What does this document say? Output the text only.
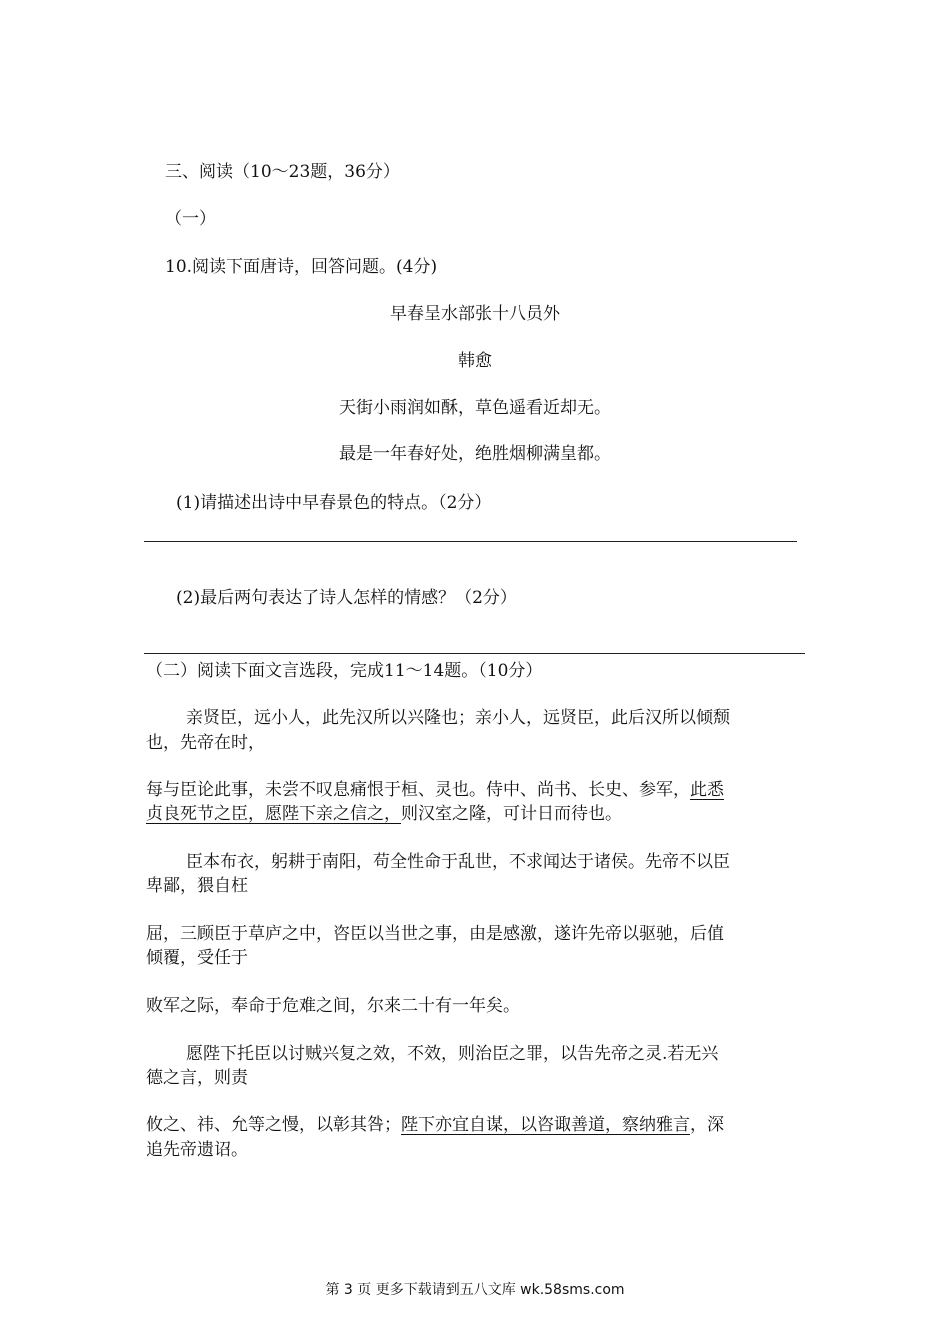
三、阅读（10～23题，36分）
（一）
10.阅读下面唐诗，回答问题。(4分)
早春呈水部张十八员外
韩愈
天街小雨润如酥，草色遥看近却无。
最是一年春好处，绝胜烟柳满皇都。
(1)请描述出诗中早春景色的特点。（2分）
(2)最后两句表达了诗人怎样的情感？（2分）
（二）阅读下面文言选段，完成11～14题。（10分）
亲贤臣，远小人，此先汉所以兴隆也；亲小人，远贤臣，此后汉所以倾颓
也，先帝在时，
每与臣论此事，未尝不叹息痛恨于桓、灵也。侍中、尚书、长史、参军，此悉
贞良死节之臣，愿陛下亲之信之，则汉室之隆，可计日而待也。
臣本布衣，躬耕于南阳，苟全性命于乱世，不求闻达于诸侯。先帝不以臣
卑鄙，猥自枉
屈，三顾臣于草庐之中，咨臣以当世之事，由是感激，遂许先帝以驱驰，后值
倾覆，受任于
败军之际，奉命于危难之间，尔来二十有一年矣。
愿陛下托臣以讨贼兴复之效，不效，则治臣之罪，以告先帝之灵.若无兴
德之言，则责
攸之、祎、允等之慢，以彰其咎；陛下亦宜自谋，以咨诹善道，察纳雅言，深
追先帝遗诏。
第 3 页 更多下载请到五八文库 wk.58sms.com
